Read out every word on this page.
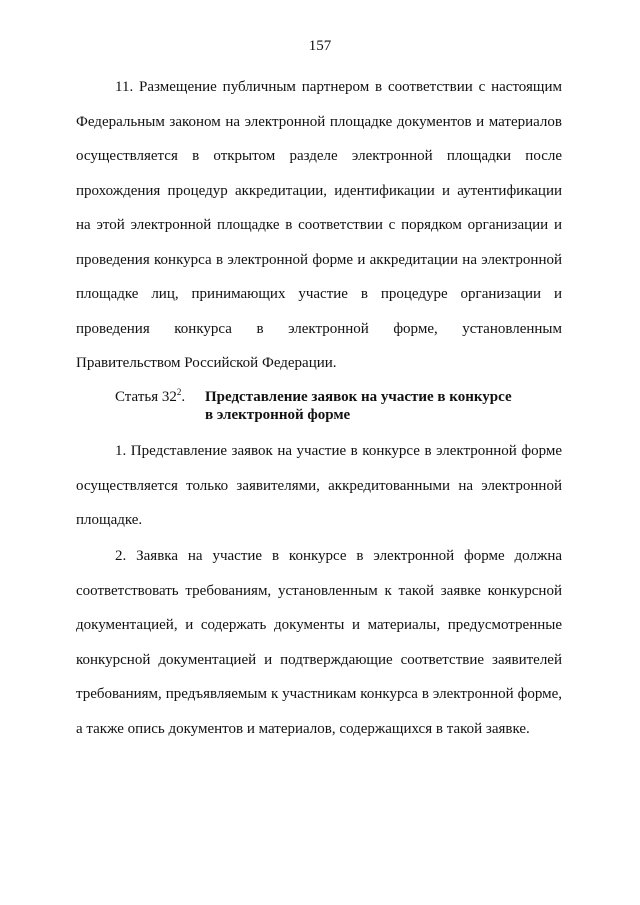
157

11. Размещение публичным партнером в соответствии с настоящим Федеральным законом на электронной площадке документов и материалов осуществляется в открытом разделе электронной площадки после прохождения процедур аккредитации, идентификации и аутентификации на этой электронной площадке в соответствии с порядком организации и проведения конкурса в электронной форме и аккредитации на электронной площадке лиц, принимающих участие в процедуре организации и проведения конкурса в электронной форме, установленным Правительством Российской Федерации.

Статья $32^2$. Представление заявок на участие в конкурсе
в электронной форме

1. Представление заявок на участие в конкурсе в электронной форме осуществляется только заявителями, аккредитованными на электронной площадке.

2. Заявка на участие в конкурсе в электронной форме должна соответствовать требованиям, установленным к такой заявке конкурсной документацией, и содержать документы и материалы, предусмотренные конкурсной документацией и подтверждающие соответствие заявителей требованиям, предъявляемым к участникам конкурса в электронной форме, а также опись документов и материалов, содержащихся в такой заявке.
